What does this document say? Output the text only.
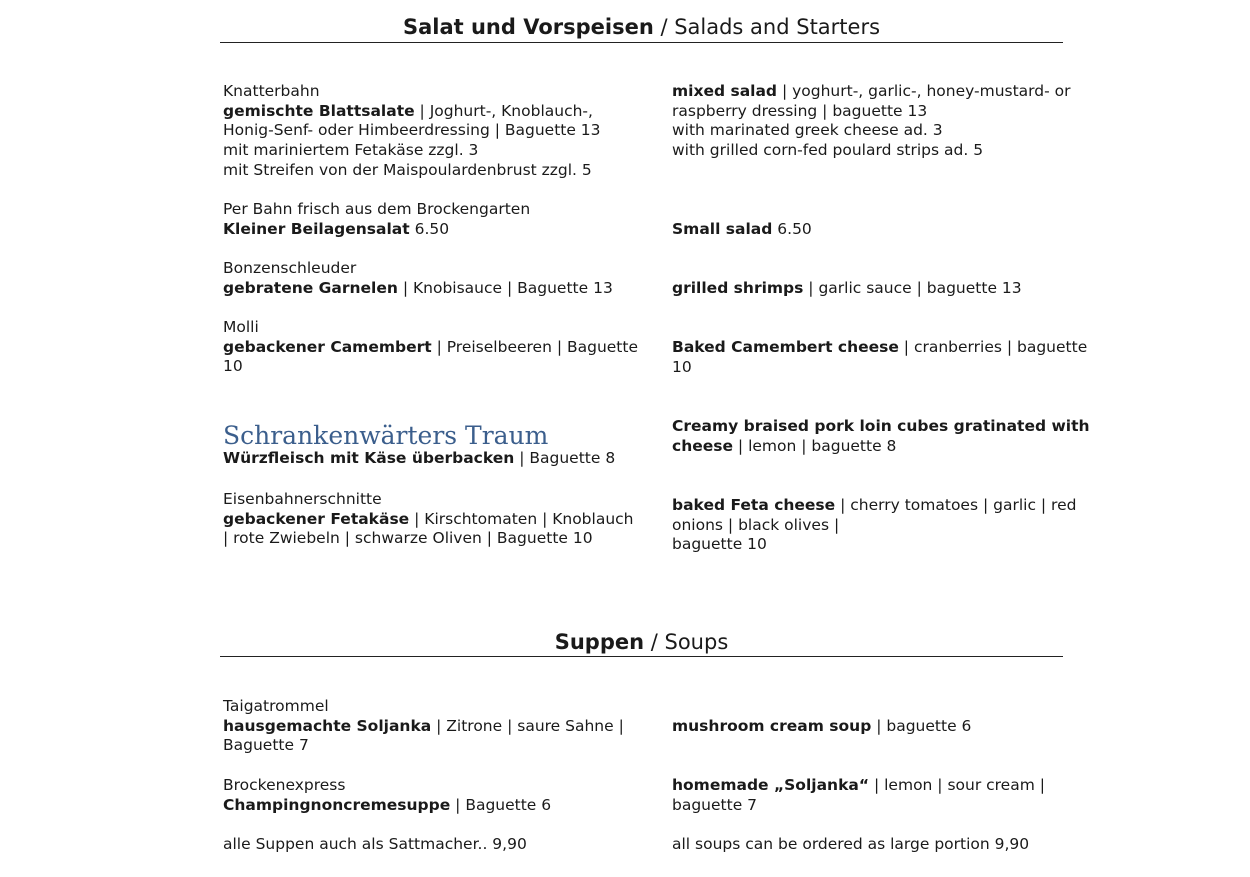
Salat und Vorspeisen / Salads and Starters
Knatterbahn
gemischte Blattsalate | Joghurt-, Knoblauch-,
Honig-Senf- oder Himbeerdressing | Baguette 13
mit mariniertem Fetakäse zzgl. 3
mit Streifen von der Maispoulardenbrust zzgl. 5
Per Bahn frisch aus dem Brockengarten
Kleiner Beilagensalat 6.50
Bonzenschleuder
gebratene Garnelen | Knobisauce | Baguette 13
Molli
gebackener Camembert | Preiselbeeren | Baguette
10
Schrankenwärters Traum
Würzfleisch mit Käse überbacken | Baguette 8
Eisenbahnerschnitte
gebackener Fetakäse | Kirschtomaten | Knoblauch
| rote Zwiebeln | schwarze Oliven | Baguette 10
mixed salad | yoghurt-, garlic-, honey-mustard- or
raspberry dressing | baguette 13
with marinated greek cheese ad. 3
with grilled corn-fed poulard strips ad. 5
Small salad 6.50
grilled shrimps | garlic sauce | baguette 13
Baked Camembert cheese | cranberries | baguette
10
Creamy braised pork loin cubes gratinated with
cheese | lemon | baguette 8
baked Feta cheese | cherry tomatoes | garlic | red
onions | black olives |
baguette 10
Suppen / Soups
Taigatrommel
hausgemachte Soljanka | Zitrone | saure Sahne |
Baguette 7
Brockenexpress
Champingnoncremesuppe | Baguette 6
alle Suppen auch als Sattmacher.. 9,90
mushroom cream soup | baguette 6
homemade „Soljanka“ | lemon | sour cream |
baguette 7
all soups can be ordered as large portion 9,90
